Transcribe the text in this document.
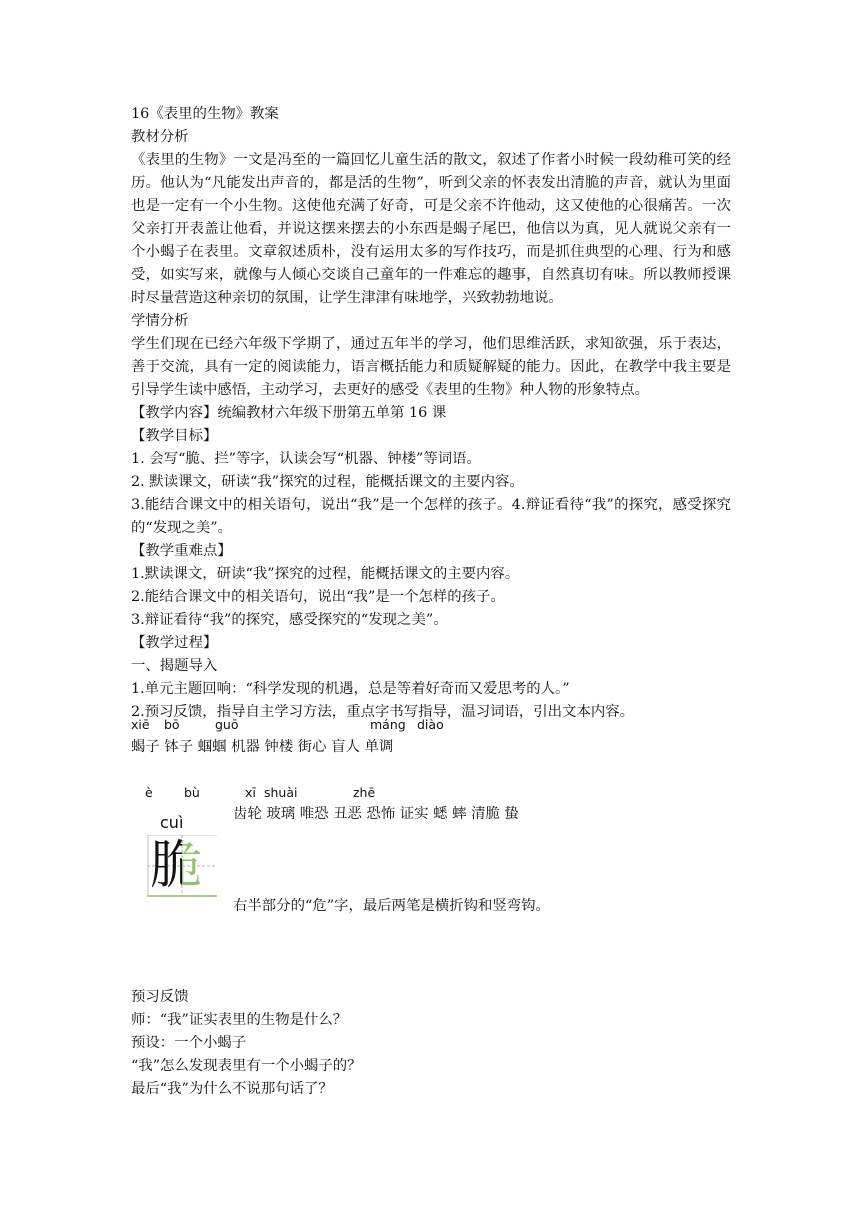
16《表里的生物》教案
教材分析
《表里的生物》一文是冯至的一篇回忆儿童生活的散文，叙述了作者小时候一段幼稚可笑的经历。他认为“凡能发出声音的，都是活的生物”，听到父亲的怀表发出清脆的声音，就认为里面也是一定有一个小生物。这使他充满了好奇，可是父亲不许他动，这又使他的心很痛苦。一次父亲打开表盖让他看，并说这摆来摆去的小东西是蝎子尾巴，他信以为真，见人就说父亲有一个小蝎子在表里。文章叙述质朴，没有运用太多的写作技巧，而是抓住典型的心理、行为和感受，如实写来，就像与人倾心交谈自己童年的一件难忘的趣事，自然真切有味。所以教师授课时尽量营造这种亲切的氛围，让学生津津有味地学，兴致勃勃地说。
学情分析
学生们现在已经六年级下学期了，通过五年半的学习，他们思维活跃，求知欲强，乐于表达，善于交流，具有一定的阅读能力，语言概括能力和质疑解疑的能力。因此，在教学中我主要是引导学生读中感悟，主动学习，去更好的感受《表里的生物》种人物的形象特点。
【教学内容】统编教材六年级下册第五单第 16 课
【教学目标】
1. 会写“脆、拦”等字，认读会写“机器、钟楼”等词语。
2. 默读课文，研读“我”探究的过程，能概括课文的主要内容。
3.能结合课文中的相关语句，说出“我”是一个怎样的孩子。4.辩证看待“我”的探究，感受探究的“发现之美”。
【教学重难点】
1.默读课文，研读“我”探究的过程，能概括课文的主要内容。
2.能结合课文中的相关语句，说出“我”是一个怎样的孩子。
3.辩证看待“我”的探究，感受探究的“发现之美”。
【教学过程】
一、揭题导入
1.单元主题回响：“科学发现的机遇，总是等着好奇而又爱思考的人。”
2.预习反馈，指导自主学习方法，重点字书写指导，温习词语，引出文本内容。
xiē bō	guō	máng diào
蝎子 钵子 蝈蝈 机器 钟楼 街心 盲人 单调
è	bù	xī shuài	zhē
齿轮 玻璃 唯恐 丑恶 恐怖 证实 蟋 蟀 清脆 蛰
cuì
脆
右半部分的“危”字，最后两笔是横折钩和竖弯钩。
预习反馈
师：“我”证实表里的生物是什么？
预设：一个小蝎子
“我”怎么发现表里有一个小蝎子的？
最后“我”为什么不说那句话了？
